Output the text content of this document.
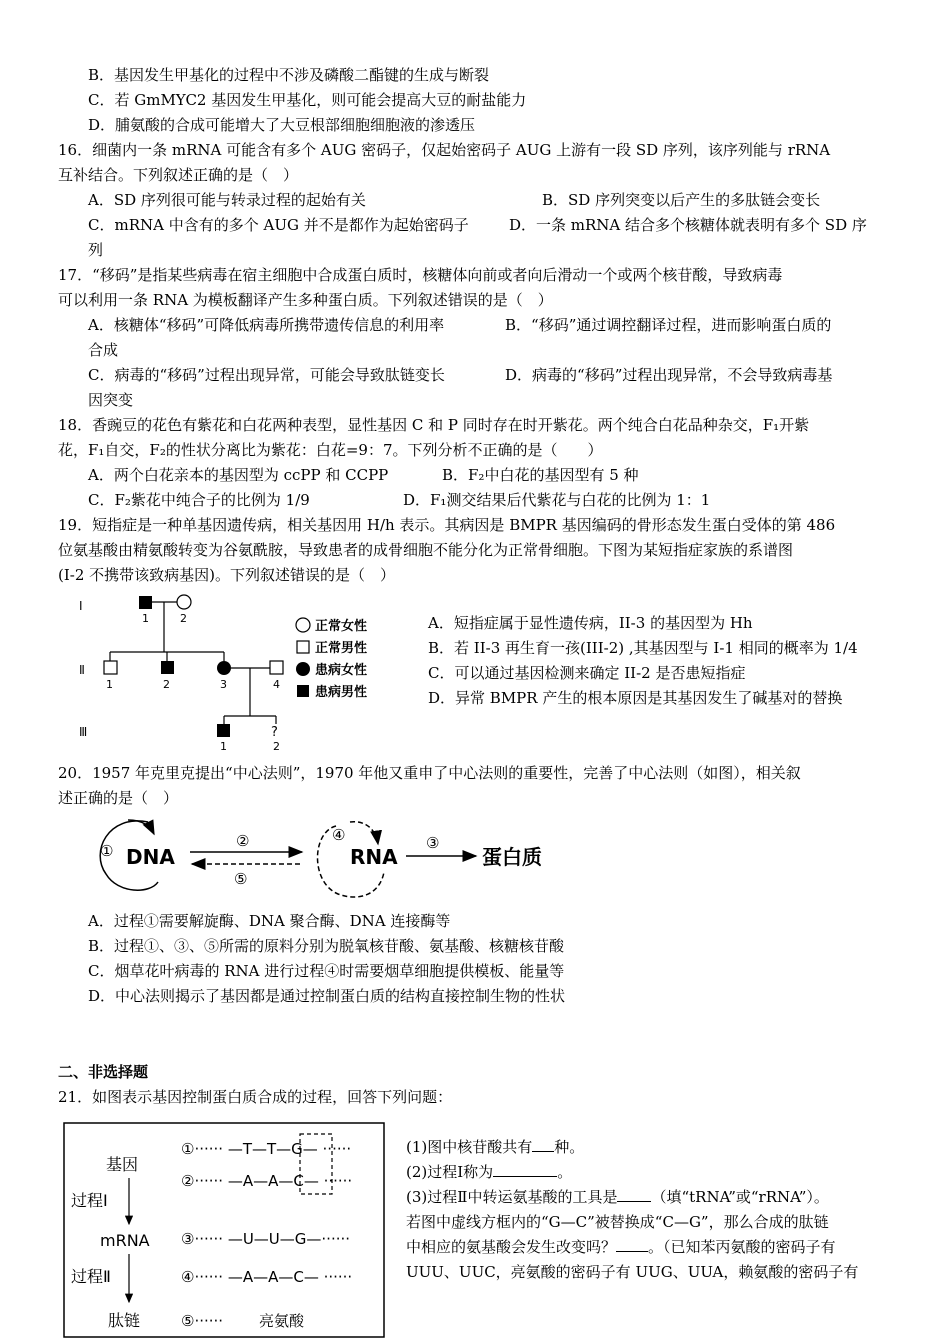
B．基因发生甲基化的过程中不涉及磷酸二酯键的生成与断裂
C．若 GmMYC2 基因发生甲基化，则可能会提高大豆的耐盐能力
D．脯氨酸的合成可能增大了大豆根部细胞细胞液的渗透压
16．细菌内一条 mRNA 可能含有多个 AUG 密码子，仅起始密码子 AUG 上游有一段 SD 序列，该序列能与 rRNA
互补结合。下列叙述正确的是（　）
A．SD 序列很可能与转录过程的起始有关	B．SD 序列突变以后产生的多肽链会变长
C．mRNA 中含有的多个 AUG 并不是都作为起始密码子	D．一条 mRNA 结合多个核糖体就表明有多个 SD 序
列
17．“移码”是指某些病毒在宿主细胞中合成蛋白质时，核糖体向前或者向后滑动一个或两个核苷酸，导致病毒
可以利用一条 RNA 为模板翻译产生多种蛋白质。下列叙述错误的是（　）
A．核糖体“移码”可降低病毒所携带遗传信息的利用率	B．“移码”通过调控翻译过程，进而影响蛋白质的
合成
C．病毒的“移码”过程出现异常，可能会导致肽链变长	D．病毒的“移码”过程出现异常，不会导致病毒基
因突变
18．香豌豆的花色有紫花和白花两种表型，显性基因 C 和 P 同时存在时开紫花。两个纯合白花品种杂交，F₁开紫
花，F₁自交，F₂的性状分离比为紫花：白花=9：7。下列分析不正确的是（　　）
A．两个白花亲本的基因型为 ccPP 和 CCPP	B．F₂中白花的基因型有 5 种
C．F₂紫花中纯合子的比例为 1/9	D．F₁测交结果后代紫花与白花的比例为 1：1
19．短指症是一种单基因遗传病，相关基因用 H/h 表示。其病因是 BMPR 基因编码的骨形态发生蛋白受体的第 486
位氨基酸由精氨酸转变为谷氨酰胺，导致患者的成骨细胞不能分化为正常骨细胞。下图为某短指症家族的系谱图
(I-2 不携带该致病基因)。下列叙述错误的是（　）
Ⅰ
Ⅱ
Ⅲ
1	2
1	2	3	4
?
1	2
正常女性
正常男性
患病女性
患病男性
A．短指症属于显性遗传病，II-3 的基因型为 Hh
B．若 II-3 再生育一孩(III-2) ,其基因型与 I-1 相同的概率为 1/4
C．可以通过基因检测来确定 II-2 是否患短指症
D．异常 BMPR 产生的根本原因是其基因发生了碱基对的替换
20．1957 年克里克提出“中心法则”，1970 年他又重申了中心法则的重要性，完善了中心法则（如图），相关叙
述正确的是（　）
① DNA
②
⑤
④
RNA
③
蛋白质
A．过程①需要解旋酶、DNA 聚合酶、DNA 连接酶等
B．过程①、③、⑤所需的原料分别为脱氧核苷酸、氨基酸、核糖核苷酸
C．烟草花叶病毒的 RNA 进行过程④时需要烟草细胞提供模板、能量等
D．中心法则揭示了基因都是通过控制蛋白质的结构直接控制生物的性状
二、非选择题
21．如图表示基因控制蛋白质合成的过程，回答下列问题：
基因
过程Ⅰ
mRNA
过程Ⅱ
肽链
①······ —T—T—G— ······
②······ —A—A—C— ······
③······ —U—U—G—······
④······ —A—A—C— ······
⑤······ 亮氨酸
(1)图中核苷酸共有 种。
(2)过程Ⅰ称为	。
(3)过程Ⅱ中转运氨基酸的工具是 （填“tRNA”或“rRNA”）。
若图中虚线方框内的“G—C”被替换成“C—G”，那么合成的肽链
中相应的氨基酸会发生改变吗？ 。（已知苯丙氨酸的密码子有
UUU、UUC，亮氨酸的密码子有 UUG、UUA，赖氨酸的密码子有
